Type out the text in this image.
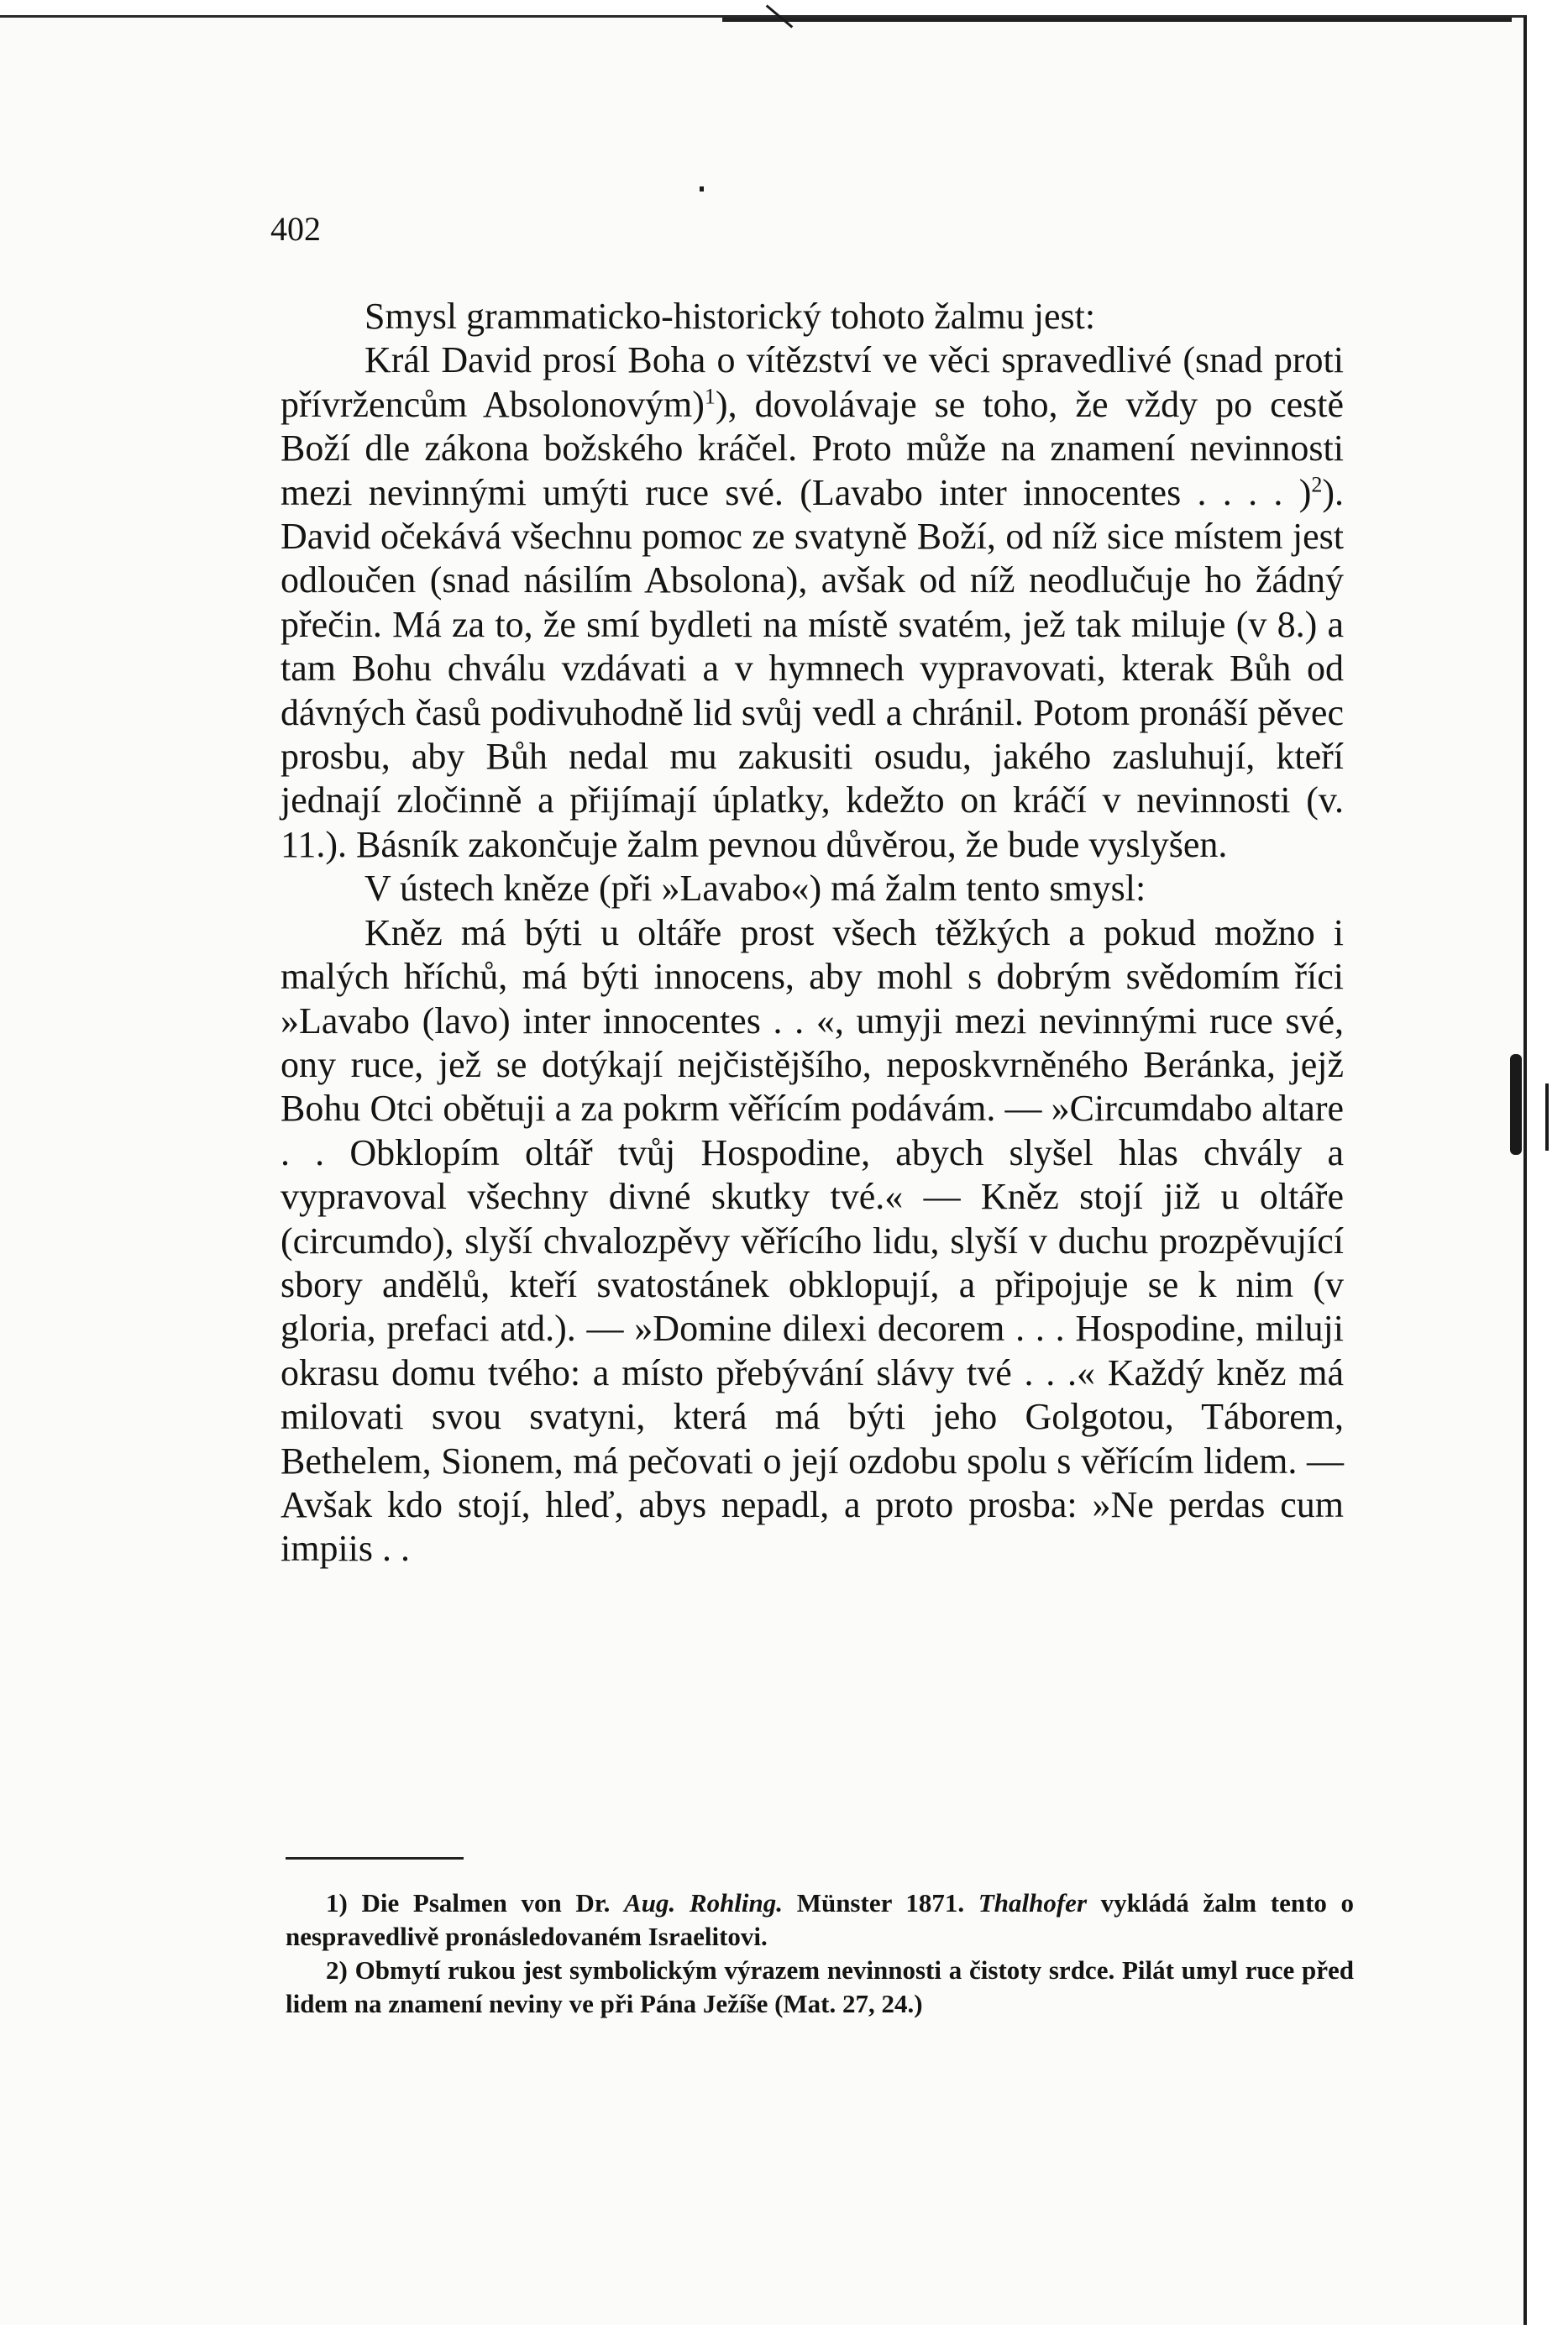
402

Smysl grammaticko-historický tohoto žalmu jest:

Král David prosí Boha o vítězství ve věci spravedlivé (snad proti přívržencům Absolonovým)$^1$), dovolávaje se toho, že vždy po cestě Boží dle zákona božského kráčel. Proto může na znamení nevinnosti mezi nevinnými umýti ruce své. (Lavabo inter innocentes . . . . )$^2$). David očekává všechnu pomoc ze svatyně Boží, od níž sice místem jest odloučen (snad násilím Absolona), avšak od níž neodlučuje ho žádný přečin. Má za to, že smí bydleti na místě svatém, jež tak miluje (v 8.) a tam Bohu chválu vzdávati a v hymnech vypravovati, kterak Bůh od dávných časů podivuhodně lid svůj vedl a chránil. Potom pronáší pěvec prosbu, aby Bůh nedal mu zakusiti osudu, jakého zasluhují, kteří jednají zločinně a přijímají úplatky, kdežto on kráčí v nevinnosti (v. 11.). Básník zakončuje žalm pevnou důvěrou, že bude vyslyšen.

V ústech kněze (při »Lavabo«) má žalm tento smysl:

Kněz má býti u oltáře prost všech těžkých a pokud možno i malých hříchů, má býti innocens, aby mohl s dobrým svědomím říci »Lavabo (lavo) inter innocentes . . «, umyji mezi nevinnými ruce své, ony ruce, jež se dotýkají nejčistějšího, neposkvrněného Beránka, jejž Bohu Otci obětuji a za pokrm věřícím podávám. — »Circumdabo altare . . Obklopím oltář tvůj Hospodine, abych slyšel hlas chvály a vypravoval všechny divné skutky tvé.« — Kněz stojí již u oltáře (circumdo), slyší chvalozpěvy věřícího lidu, slyší v duchu prozpěvující sbory andělů, kteří svatostánek obklopují, a připojuje se k nim (v gloria, prefaci atd.). — »Domine dilexi decorem . . . Hospodine, miluji okrasu domu tvého: a místo přebývání slávy tvé . . .« Každý kněz má milovati svou svatyni, která má býti jeho Golgotou, Táborem, Bethelem, Sionem, má pečovati o její ozdobu spolu s věřícím lidem. — Avšak kdo stojí, hleď, abys nepadl, a proto prosba: »Ne perdas cum impiis . .

1) Die Psalmen von Dr. Aug. Rohling. Münster 1871. Thalhofer vykládá žalm tento o nespravedlivě pronásledovaném Israelitovi.

2) Obmytí rukou jest symbolickým výrazem nevinnosti a čistoty srdce. Pilát umyl ruce před lidem na znamení neviny ve při Pána Ježíše (Mat. 27, 24.)
